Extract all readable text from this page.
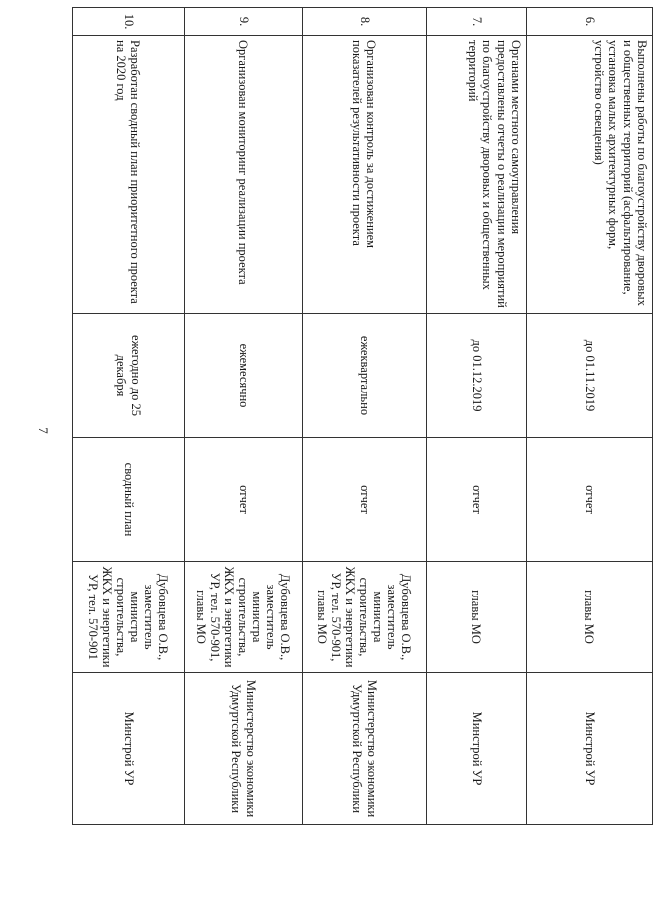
7
6.	Выполнены работы по благоустройству дворовых и общественных территорий (асфальтирование, установка малых архитектурных форм, устройство освещения)	до 01.11.2019	отчет	главы МО	Минстрой УР
7.	Органами местного самоуправления предоставлены отчеты о реализации мероприятий по благоустройству дворовых и общественных территорий	до 01.12.2019	отчет	главы МО	Минстрой УР
8.	Организован контроль за достижением показателей результативности проекта	ежеквартально	отчет	Дубовцева О.В., заместитель министра строительства, ЖКХ и энергетики УР, тел. 570-901, главы МО	Министерство экономики Удмуртской Республики
9.	Организован мониторинг реализации проекта	ежемесячно	отчет	Дубовцева О.В., заместитель министра строительства, ЖКХ и энергетики УР, тел. 570-901, главы МО	Министерство экономики Удмуртской Республики
10.	Разработан сводный план приоритетного проекта на 2020 год	ежегодно до 25 декабря	сводный план	Дубовцева О.В., заместитель министра строительства, ЖКХ и энергетики УР, тел. 570-901	Минстрой УР
